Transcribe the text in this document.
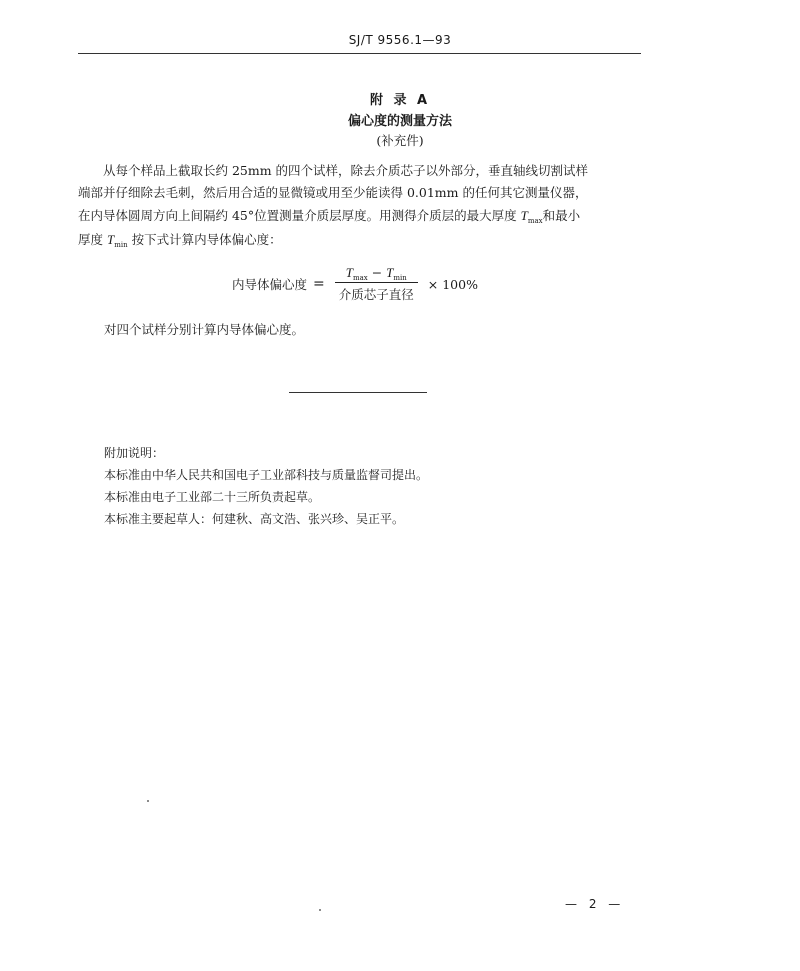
SJ/T 9556.1—93
附 录 A
偏心度的测量方法
(补充件)
从每个样品上截取长约 25mm 的四个试样，除去介质芯子以外部分，垂直轴线切割试样
端部并仔细除去毛刺，然后用合适的显微镜或用至少能读得 0.01mm 的任何其它测量仪器，
在内导体圆周方向上间隔约 45°位置测量介质层厚度。用测得介质层的最大厚度 $T_{max}$和最小
厚度 $T_{min}$ 按下式计算内导体偏心度：
内导体偏心度 = $\frac{T_{max} - T_{min}}{\text{介质芯子直径}} \times 100\%$
对四个试样分别计算内导体偏心度。
附加说明：
本标准由中华人民共和国电子工业部科技与质量监督司提出。
本标准由电子工业部二十三所负责起草。
本标准主要起草人：何建秋、高文浩、张兴珍、吴正平。
— 2 —
